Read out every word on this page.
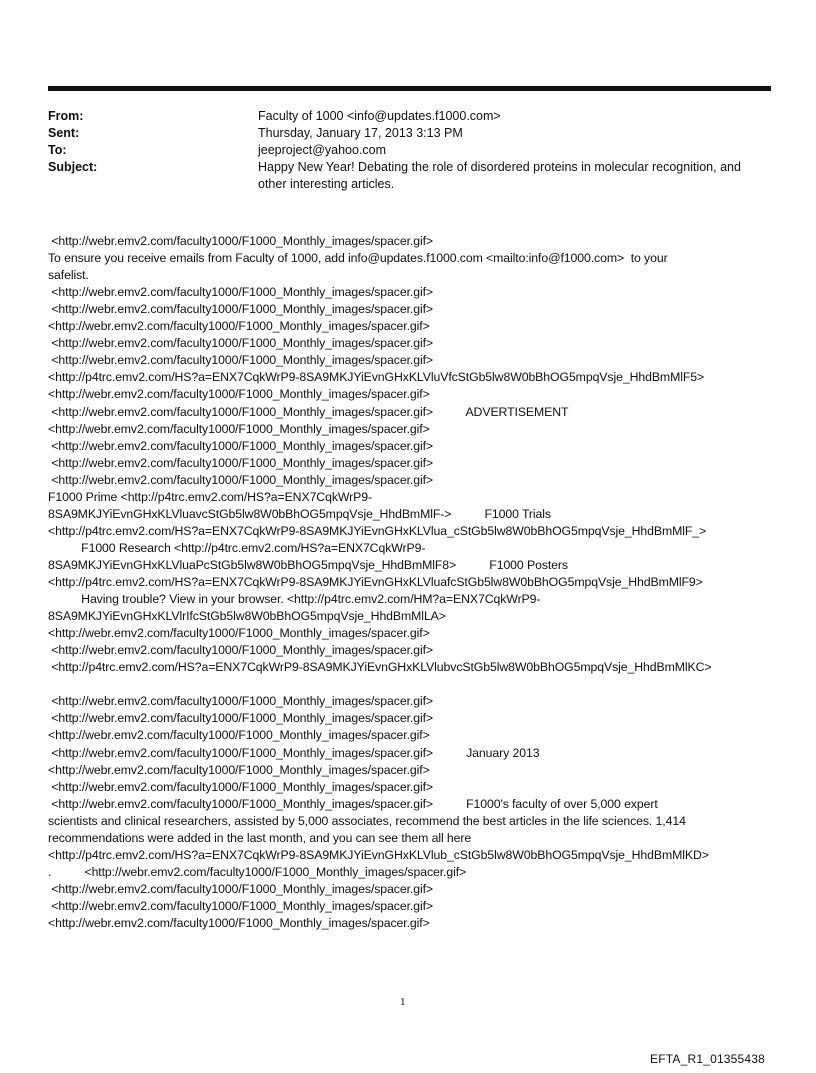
From:	Faculty of 1000 <info@updates.f1000.com>
Sent:	Thursday, January 17, 2013 3:13 PM
To:	jeeproject@yahoo.com
Subject:	Happy New Year! Debating the role of disordered proteins in molecular recognition, and other interesting articles.
<http://webr.emv2.com/faculty1000/F1000_Monthly_images/spacer.gif>
To ensure you receive emails from Faculty of 1000, add info@updates.f1000.com <mailto:info@f1000.com>  to your
safelist.
<http://webr.emv2.com/faculty1000/F1000_Monthly_images/spacer.gif>
<http://webr.emv2.com/faculty1000/F1000_Monthly_images/spacer.gif>
<http://webr.emv2.com/faculty1000/F1000_Monthly_images/spacer.gif>
<http://webr.emv2.com/faculty1000/F1000_Monthly_images/spacer.gif>
<http://webr.emv2.com/faculty1000/F1000_Monthly_images/spacer.gif>
<http://p4trc.emv2.com/HS?a=ENX7CqkWrP9-8SA9MKJYiEvnGHxKLVluVfcStGb5lw8W0bBhOG5mpqVsje_HhdBmMlF5>
<http://webr.emv2.com/faculty1000/F1000_Monthly_images/spacer.gif>
<http://webr.emv2.com/faculty1000/F1000_Monthly_images/spacer.gif>          ADVERTISEMENT
<http://webr.emv2.com/faculty1000/F1000_Monthly_images/spacer.gif>
<http://webr.emv2.com/faculty1000/F1000_Monthly_images/spacer.gif>
<http://webr.emv2.com/faculty1000/F1000_Monthly_images/spacer.gif>
<http://webr.emv2.com/faculty1000/F1000_Monthly_images/spacer.gif>
F1000 Prime <http://p4trc.emv2.com/HS?a=ENX7CqkWrP9-
8SA9MKJYiEvnGHxKLVluavcStGb5lw8W0bBhOG5mpqVsje_HhdBmMlF->          F1000 Trials
<http://p4trc.emv2.com/HS?a=ENX7CqkWrP9-8SA9MKJYiEvnGHxKLVlua_cStGb5lw8W0bBhOG5mpqVsje_HhdBmMlF_>
F1000 Research <http://p4trc.emv2.com/HS?a=ENX7CqkWrP9-
8SA9MKJYiEvnGHxKLVluaPcStGb5lw8W0bBhOG5mpqVsje_HhdBmMlF8>          F1000 Posters
<http://p4trc.emv2.com/HS?a=ENX7CqkWrP9-8SA9MKJYiEvnGHxKLVluafcStGb5lw8W0bBhOG5mpqVsje_HhdBmMlF9>
Having trouble? View in your browser. <http://p4trc.emv2.com/HM?a=ENX7CqkWrP9-
8SA9MKJYiEvnGHxKLVlrIfcStGb5lw8W0bBhOG5mpqVsje_HhdBmMlLA>
<http://webr.emv2.com/faculty1000/F1000_Monthly_images/spacer.gif>
<http://webr.emv2.com/faculty1000/F1000_Monthly_images/spacer.gif>
<http://p4trc.emv2.com/HS?a=ENX7CqkWrP9-8SA9MKJYiEvnGHxKLVlubvcStGb5lw8W0bBhOG5mpqVsje_HhdBmMlKC>
<http://webr.emv2.com/faculty1000/F1000_Monthly_images/spacer.gif>
<http://webr.emv2.com/faculty1000/F1000_Monthly_images/spacer.gif>
<http://webr.emv2.com/faculty1000/F1000_Monthly_images/spacer.gif>
<http://webr.emv2.com/faculty1000/F1000_Monthly_images/spacer.gif>          January 2013
<http://webr.emv2.com/faculty1000/F1000_Monthly_images/spacer.gif>
<http://webr.emv2.com/faculty1000/F1000_Monthly_images/spacer.gif>
<http://webr.emv2.com/faculty1000/F1000_Monthly_images/spacer.gif>          F1000's faculty of over 5,000 expert
scientists and clinical researchers, assisted by 5,000 associates, recommend the best articles in the life sciences. 1,414
recommendations were added in the last month, and you can see them all here
<http://p4trc.emv2.com/HS?a=ENX7CqkWrP9-8SA9MKJYiEvnGHxKLVlub_cStGb5lw8W0bBhOG5mpqVsje_HhdBmMlKD>
.          <http://webr.emv2.com/faculty1000/F1000_Monthly_images/spacer.gif>
<http://webr.emv2.com/faculty1000/F1000_Monthly_images/spacer.gif>
<http://webr.emv2.com/faculty1000/F1000_Monthly_images/spacer.gif>
<http://webr.emv2.com/faculty1000/F1000_Monthly_images/spacer.gif>
1
EFTA_R1_01355438
